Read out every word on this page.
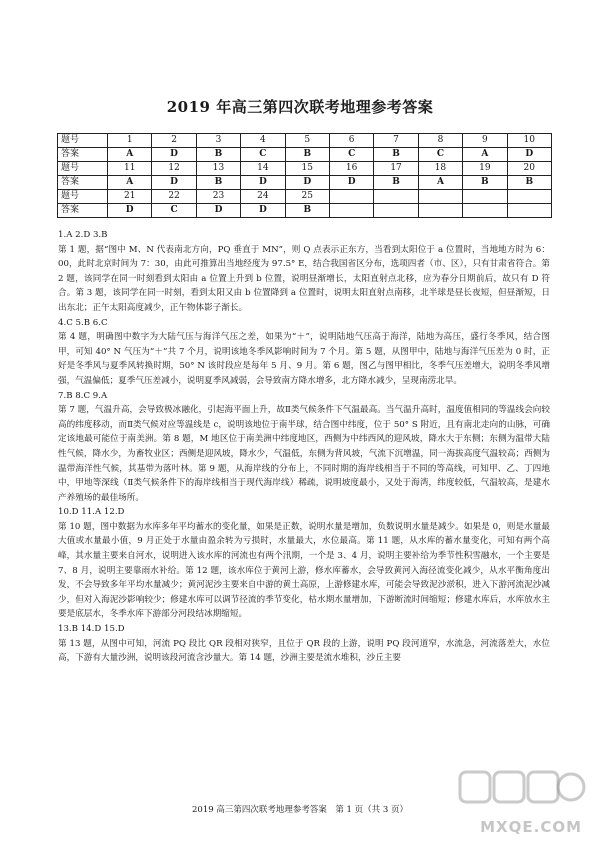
2019 年高三第四次联考地理参考答案
题号	1	2	3	4	5	6	7	8	9	10
答案	A	D	B	C	B	C	B	C	A	D
题号	11	12	13	14	15	16	17	18	19	20
答案	A	D	B	D	D	D	B	A	B	B
题号	21	22	23	24	25					
答案	D	C	D	D	B					

1.A 2.D 3.B

第 1 题，据“图中 M、N 代表南北方向，PQ 垂直于 MN”，则 Q 点表示正东方，当看到太阳位于 a 位置时，当地地方时为 6：00，此时北京时间为 7：30，由此可推算出当地经度为 97.5° E，结合我国省区分布，选项四者（市、区），只有甘肃省符合。第 2 题，该同学在同一时刻看到太阳由 a 位置上升到 b 位置，说明昼渐增长，太阳直射点北移，应为春分日期前后，故只有 D 符合。第 3 题，该同学在同一时刻，看到太阳又由 b 位置降到 a 位置时，说明太阳直射点南移，北半球是昼长夜短，但昼渐短，日出东北；正午太阳高度减少，正午物体影子渐长。

4.C 5.B 6.C

第 4 题，明确图中数字为大陆气压与海洋气压之差，如果为“＋”，说明陆地气压高于海洋，陆地为高压，盛行冬季风，结合图甲，可知 40° N 气压为“＋”共 7 个月，说明该地冬季风影响时间为 7 个月。第 5 题，从图甲中，陆地与海洋气压差为 0 时，正好是冬季风与夏季风转换时期，50° N 该时段应是每年 5 月、9 月。第 6 题，图乙与图甲相比，冬季气压差增大，说明冬季风增强，气温偏低；夏季气压差减小，说明夏季风减弱，会导致南方降水增多，北方降水减少，呈现南涝北旱。

7.B 8.C 9.A

第 7 题，气温升高，会导致极冰融化，引起海平面上升，故Ⅱ类气候条件下气温最高。当气温升高时，温度值相同的等温线会向较高的纬度移动，而Ⅱ类气候对应等温线是 c，说明该地位于南半球，结合图中纬度，位于 50° S 附近，且有南北走向的山脉，可确定该地最可能位于南美洲。第 8 题，M 地区位于南美洲中纬度地区，西侧为中纬西风的迎风坡，降水大于东侧；东侧为温带大陆性气候，降水少，为畜牧业区；西侧是迎风坡，降水少，气温低，东侧为背风坡，气流下沉增温，同一海拔高度气温较高；西侧为温带海洋性气候，其基带为落叶林。第 9 题，从海岸线的分布上，不同时期的海岸线相当于不同的等高线，可知甲、乙、丁四地中，甲地等深线（Ⅱ类气候条件下的海岸线相当于现代海岸线）稀疏，说明坡度最小，又处于海湾，纬度较低，气温较高，是建水产养殖场的最佳场所。

10.D 11.A 12.D

第 10 题，图中数据为水库多年平均蓄水的变化量，如果是正数，说明水量是增加，负数说明水量是减少。如果是 0，则是水量最大值或水量最小值，9 月正处于水量由盈余转为亏损时，水量最大，水位最高。第 11 题，从水库的蓄水量变化，可知有两个高峰，其水量主要来自河水，说明进入该水库的河流也有两个汛期，一个是 3、4 月，说明主要补给为季节性积雪融水，一个主要是 7、8 月，说明主要靠雨水补给。第 12 题，该水库位于黄河上游，修水库蓄水，会导致黄河入海径流变化减少，从水平衡角度出发，不会导致多年平均水量减少；黄河泥沙主要来自中游的黄土高原，上游修建水库，可能会导致泥沙淤积，进入下游河流泥沙减少，但对入海泥沙影响较少；修建水库可以调节径流的季节变化，枯水期水量增加，下游断流时间缩短；修建水库后，水库放水主要是底层水，冬季水库下游部分河段结冰期缩短。

13.B 14.D 15.D

第 13 题，从图中可知，河流 PQ 段比 QR 段相对狭窄，且位于 QR 段的上游，说明 PQ 段河道窄，水流急，河流落差大，水位高，下游有大量沙洲，说明该段河流含沙量大。第 14 题，沙洲主要是流水堆积，沙丘主要

2019 高三第四次联考地理参考答案　第 1 页（共 3 页）
MXQE.COM
